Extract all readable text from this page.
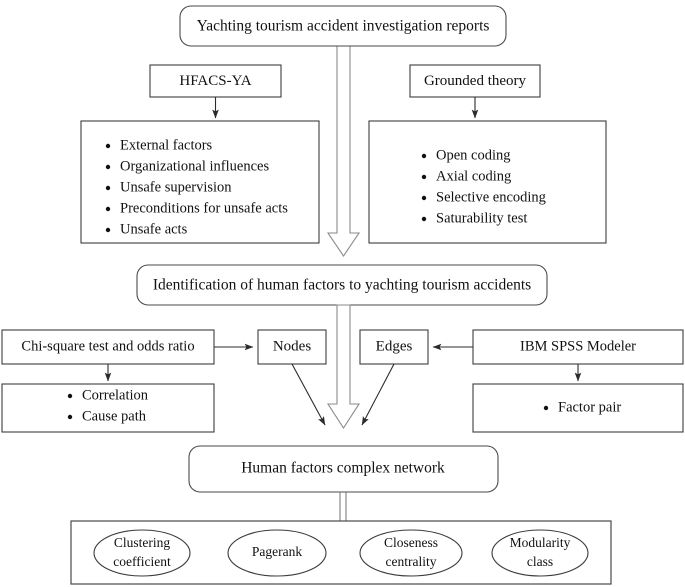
Yachting tourism accident investigation reports
HFACS-YA	Grounded theory
External factors
Organizational influences
Unsafe supervision
Preconditions for unsafe acts
Unsafe acts
Open coding
Axial coding
Selective encoding
Saturability test
Identification of human factors to yachting tourism accidents
Chi-square test and odds ratio	Nodes	Edges	IBM SPSS Modeler
Correlation
Cause path
Factor pair
Human factors complex network
Clustering
coefficient
Pagerank
Closeness
centrality
Modularity
class
